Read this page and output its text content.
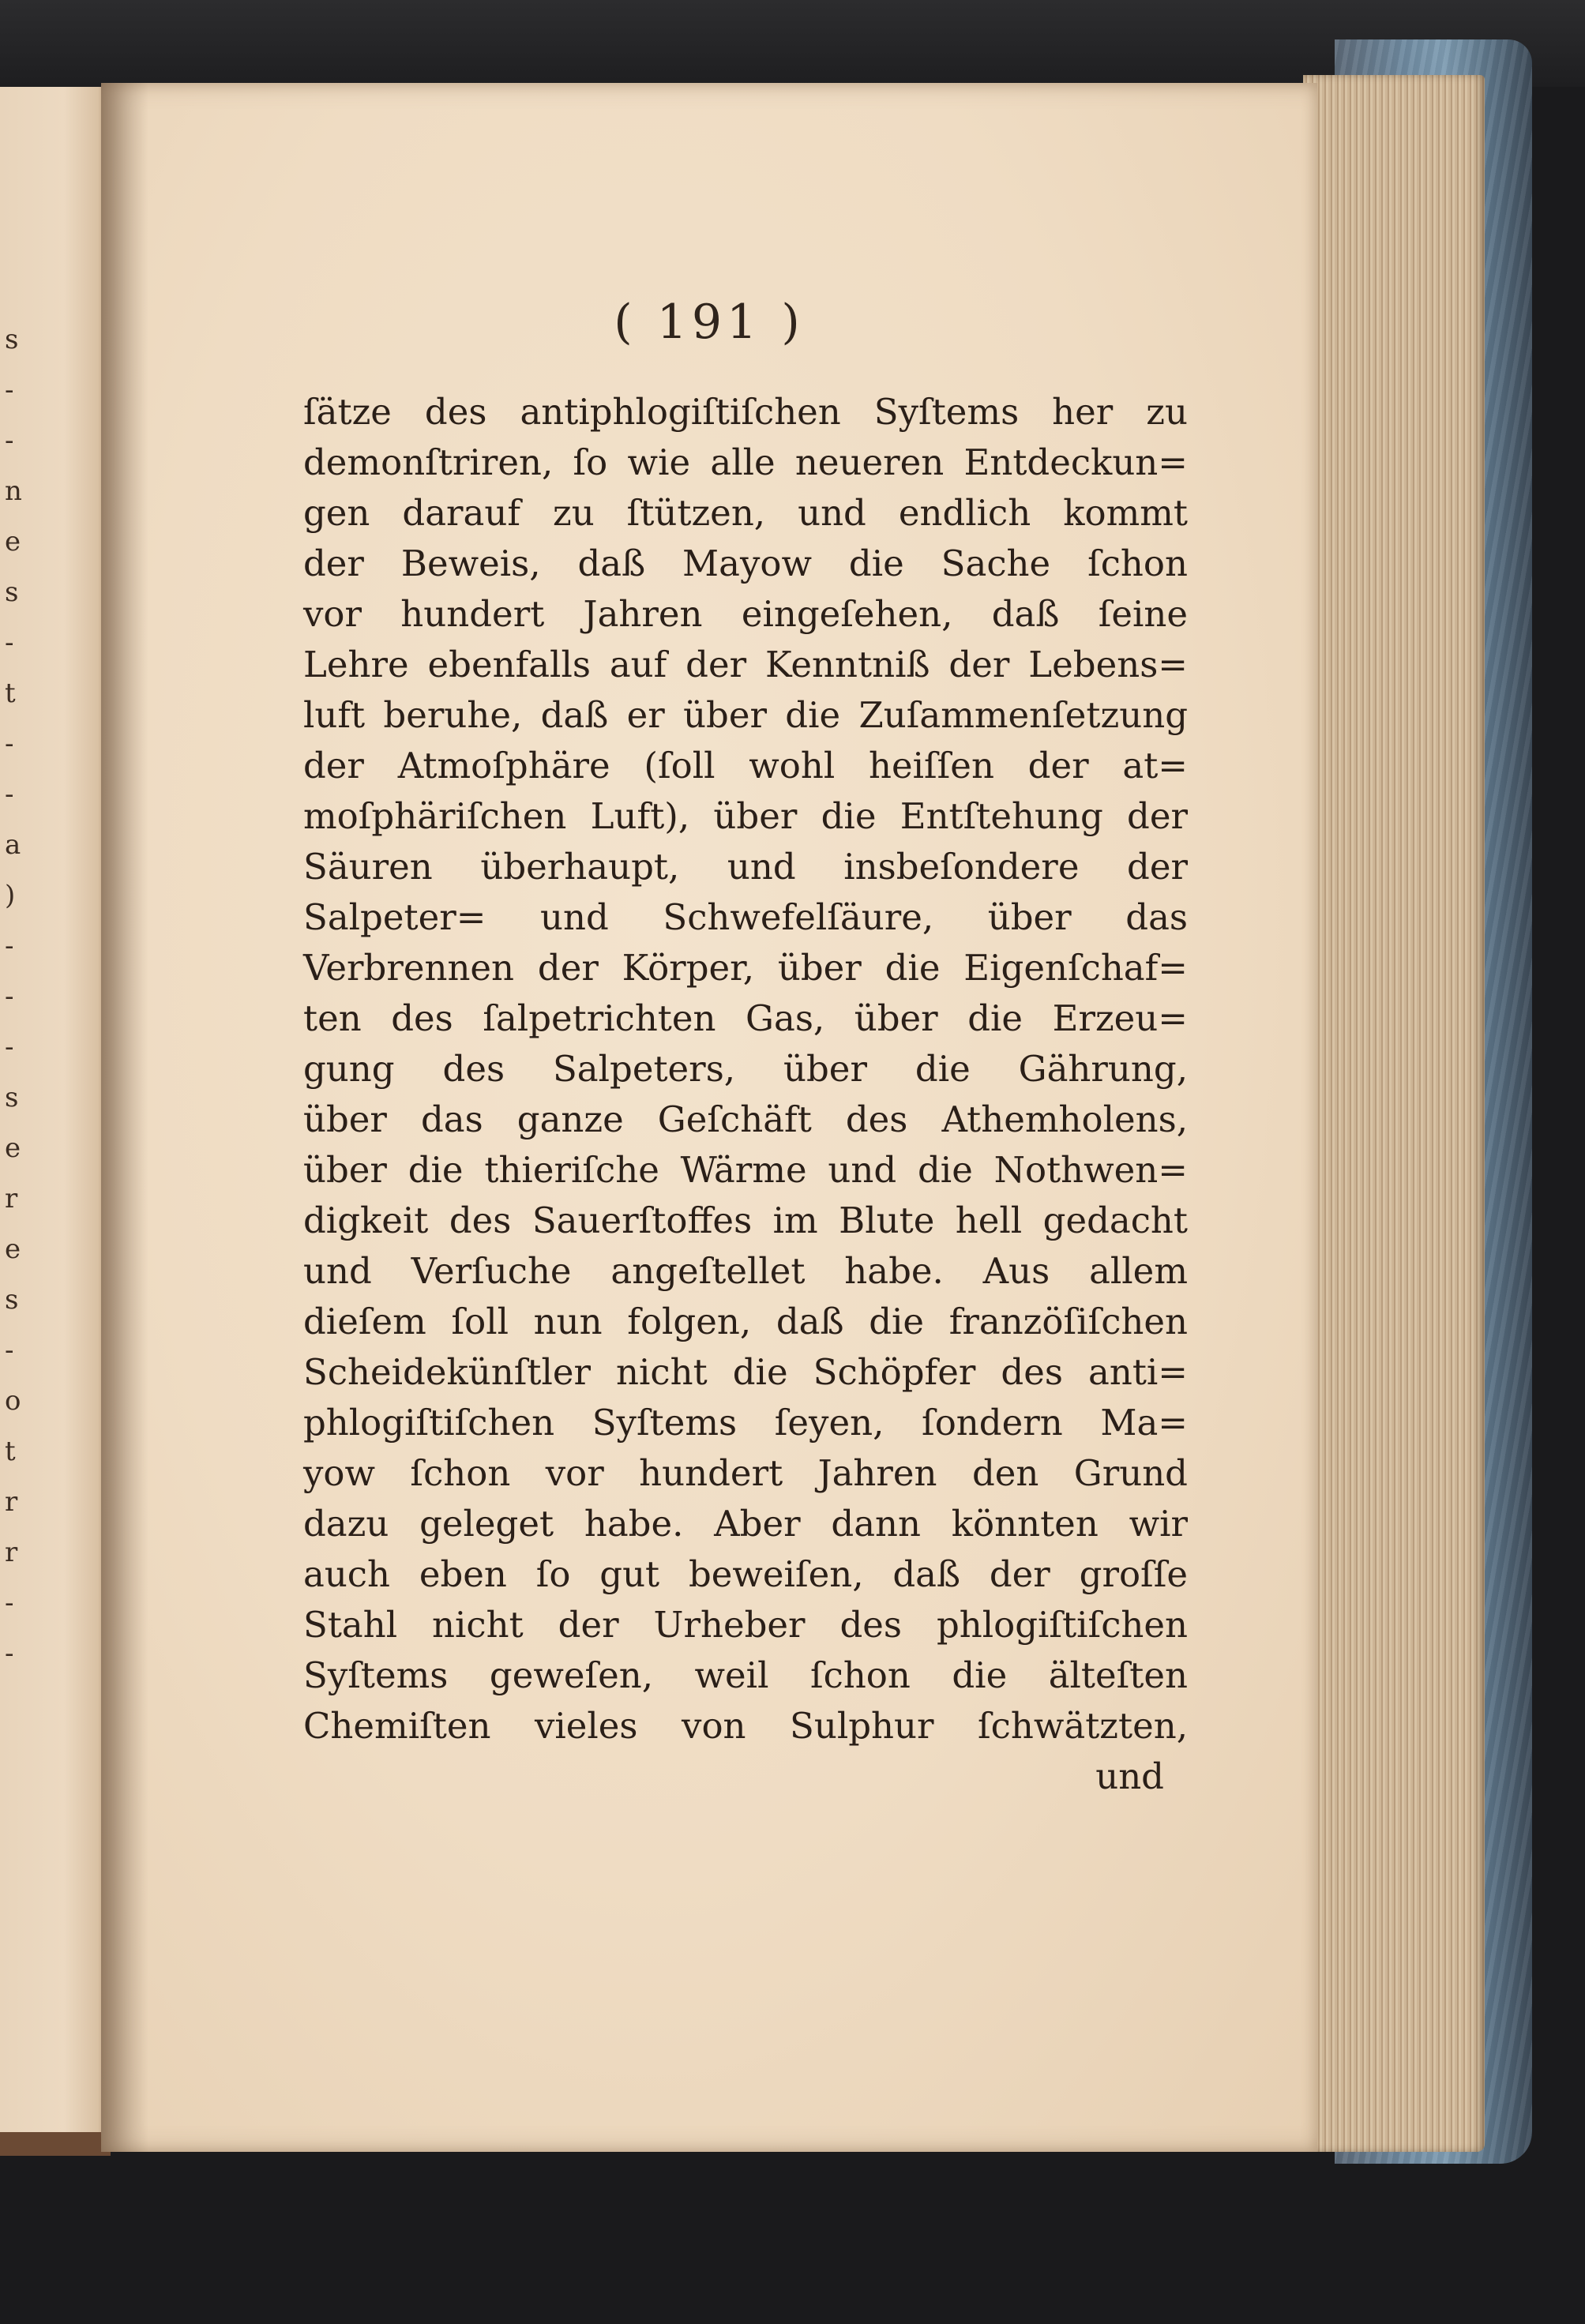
s
-
-
n
e
s
-
t
-
-
a
)
-
-
-
s
e
r
e
s
-
o
t
r
r
-
-
( 191 )
ſätze des antiphlogiſtiſchen Syſtems her zu
demonſtriren, ſo wie alle neueren Entdeckun=
gen darauf zu ſtützen, und endlich kommt
der Beweis, daß Mayow die Sache ſchon
vor hundert Jahren eingeſehen, daß ſeine
Lehre ebenfalls auf der Kenntniß der Lebens=
luft beruhe, daß er über die Zuſammenſetzung
der Atmoſphäre (ſoll wohl heiſſen der at=
moſphäriſchen Luft), über die Entſtehung der
Säuren überhaupt, und insbeſondere der
Salpeter= und Schwefelſäure, über das
Verbrennen der Körper, über die Eigenſchaf=
ten des ſalpetrichten Gas, über die Erzeu=
gung des Salpeters, über die Gährung,
über das ganze Geſchäft des Athemholens,
über die thieriſche Wärme und die Nothwen=
digkeit des Sauerſtoffes im Blute hell gedacht
und Verſuche angeſtellet habe. Aus allem
dieſem ſoll nun folgen, daß die franzöſiſchen
Scheidekünſtler nicht die Schöpfer des anti=
phlogiſtiſchen Syſtems ſeyen, ſondern Ma=
yow ſchon vor hundert Jahren den Grund
dazu geleget habe. Aber dann könnten wir
auch eben ſo gut beweiſen, daß der groſſe
Stahl nicht der Urheber des phlogiſtiſchen
Syſtems geweſen, weil ſchon die älteſten
Chemiſten vieles von Sulphur ſchwätzten,
und
